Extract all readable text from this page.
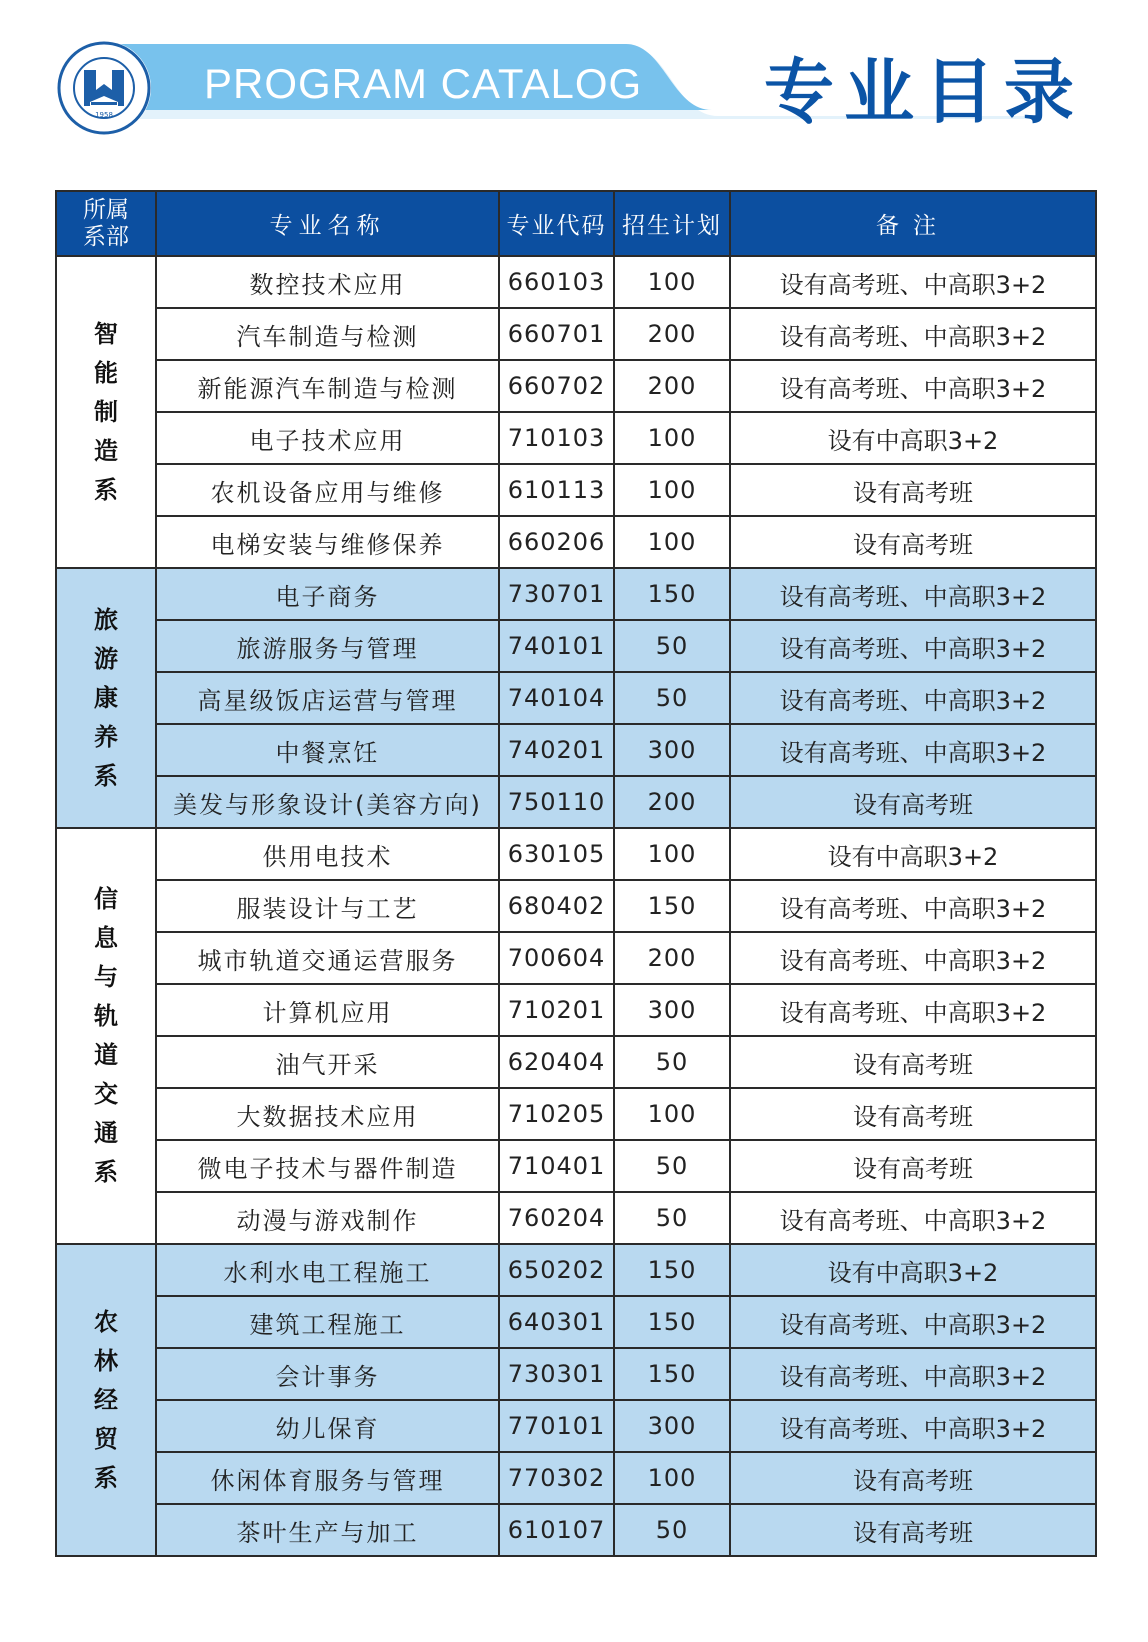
1958
PROGRAM CATALOG 专业目录
所属系部	专业名称	专业代码	招生计划	备注
智能制造系	数控技术应用	660103	100	设有高考班、中高职3+2
	汽车制造与检测	660701	200	设有高考班、中高职3+2
	新能源汽车制造与检测	660702	200	设有高考班、中高职3+2
	电子技术应用	710103	100	设有中高职3+2
	农机设备应用与维修	610113	100	设有高考班
	电梯安装与维修保养	660206	100	设有高考班
旅游康养系	电子商务	730701	150	设有高考班、中高职3+2
	旅游服务与管理	740101	50	设有高考班、中高职3+2
	高星级饭店运营与管理	740104	50	设有高考班、中高职3+2
	中餐烹饪	740201	300	设有高考班、中高职3+2
	美发与形象设计(美容方向)	750110	200	设有高考班
信息与轨道交通系	供用电技术	630105	100	设有中高职3+2
	服装设计与工艺	680402	150	设有高考班、中高职3+2
	城市轨道交通运营服务	700604	200	设有高考班、中高职3+2
	计算机应用	710201	300	设有高考班、中高职3+2
	油气开采	620404	50	设有高考班
	大数据技术应用	710205	100	设有高考班
	微电子技术与器件制造	710401	50	设有高考班
	动漫与游戏制作	760204	50	设有高考班、中高职3+2
农林经贸系	水利水电工程施工	650202	150	设有中高职3+2
	建筑工程施工	640301	150	设有高考班、中高职3+2
	会计事务	730301	150	设有高考班、中高职3+2
	幼儿保育	770101	300	设有高考班、中高职3+2
	休闲体育服务与管理	770302	100	设有高考班
	茶叶生产与加工	610107	50	设有高考班
